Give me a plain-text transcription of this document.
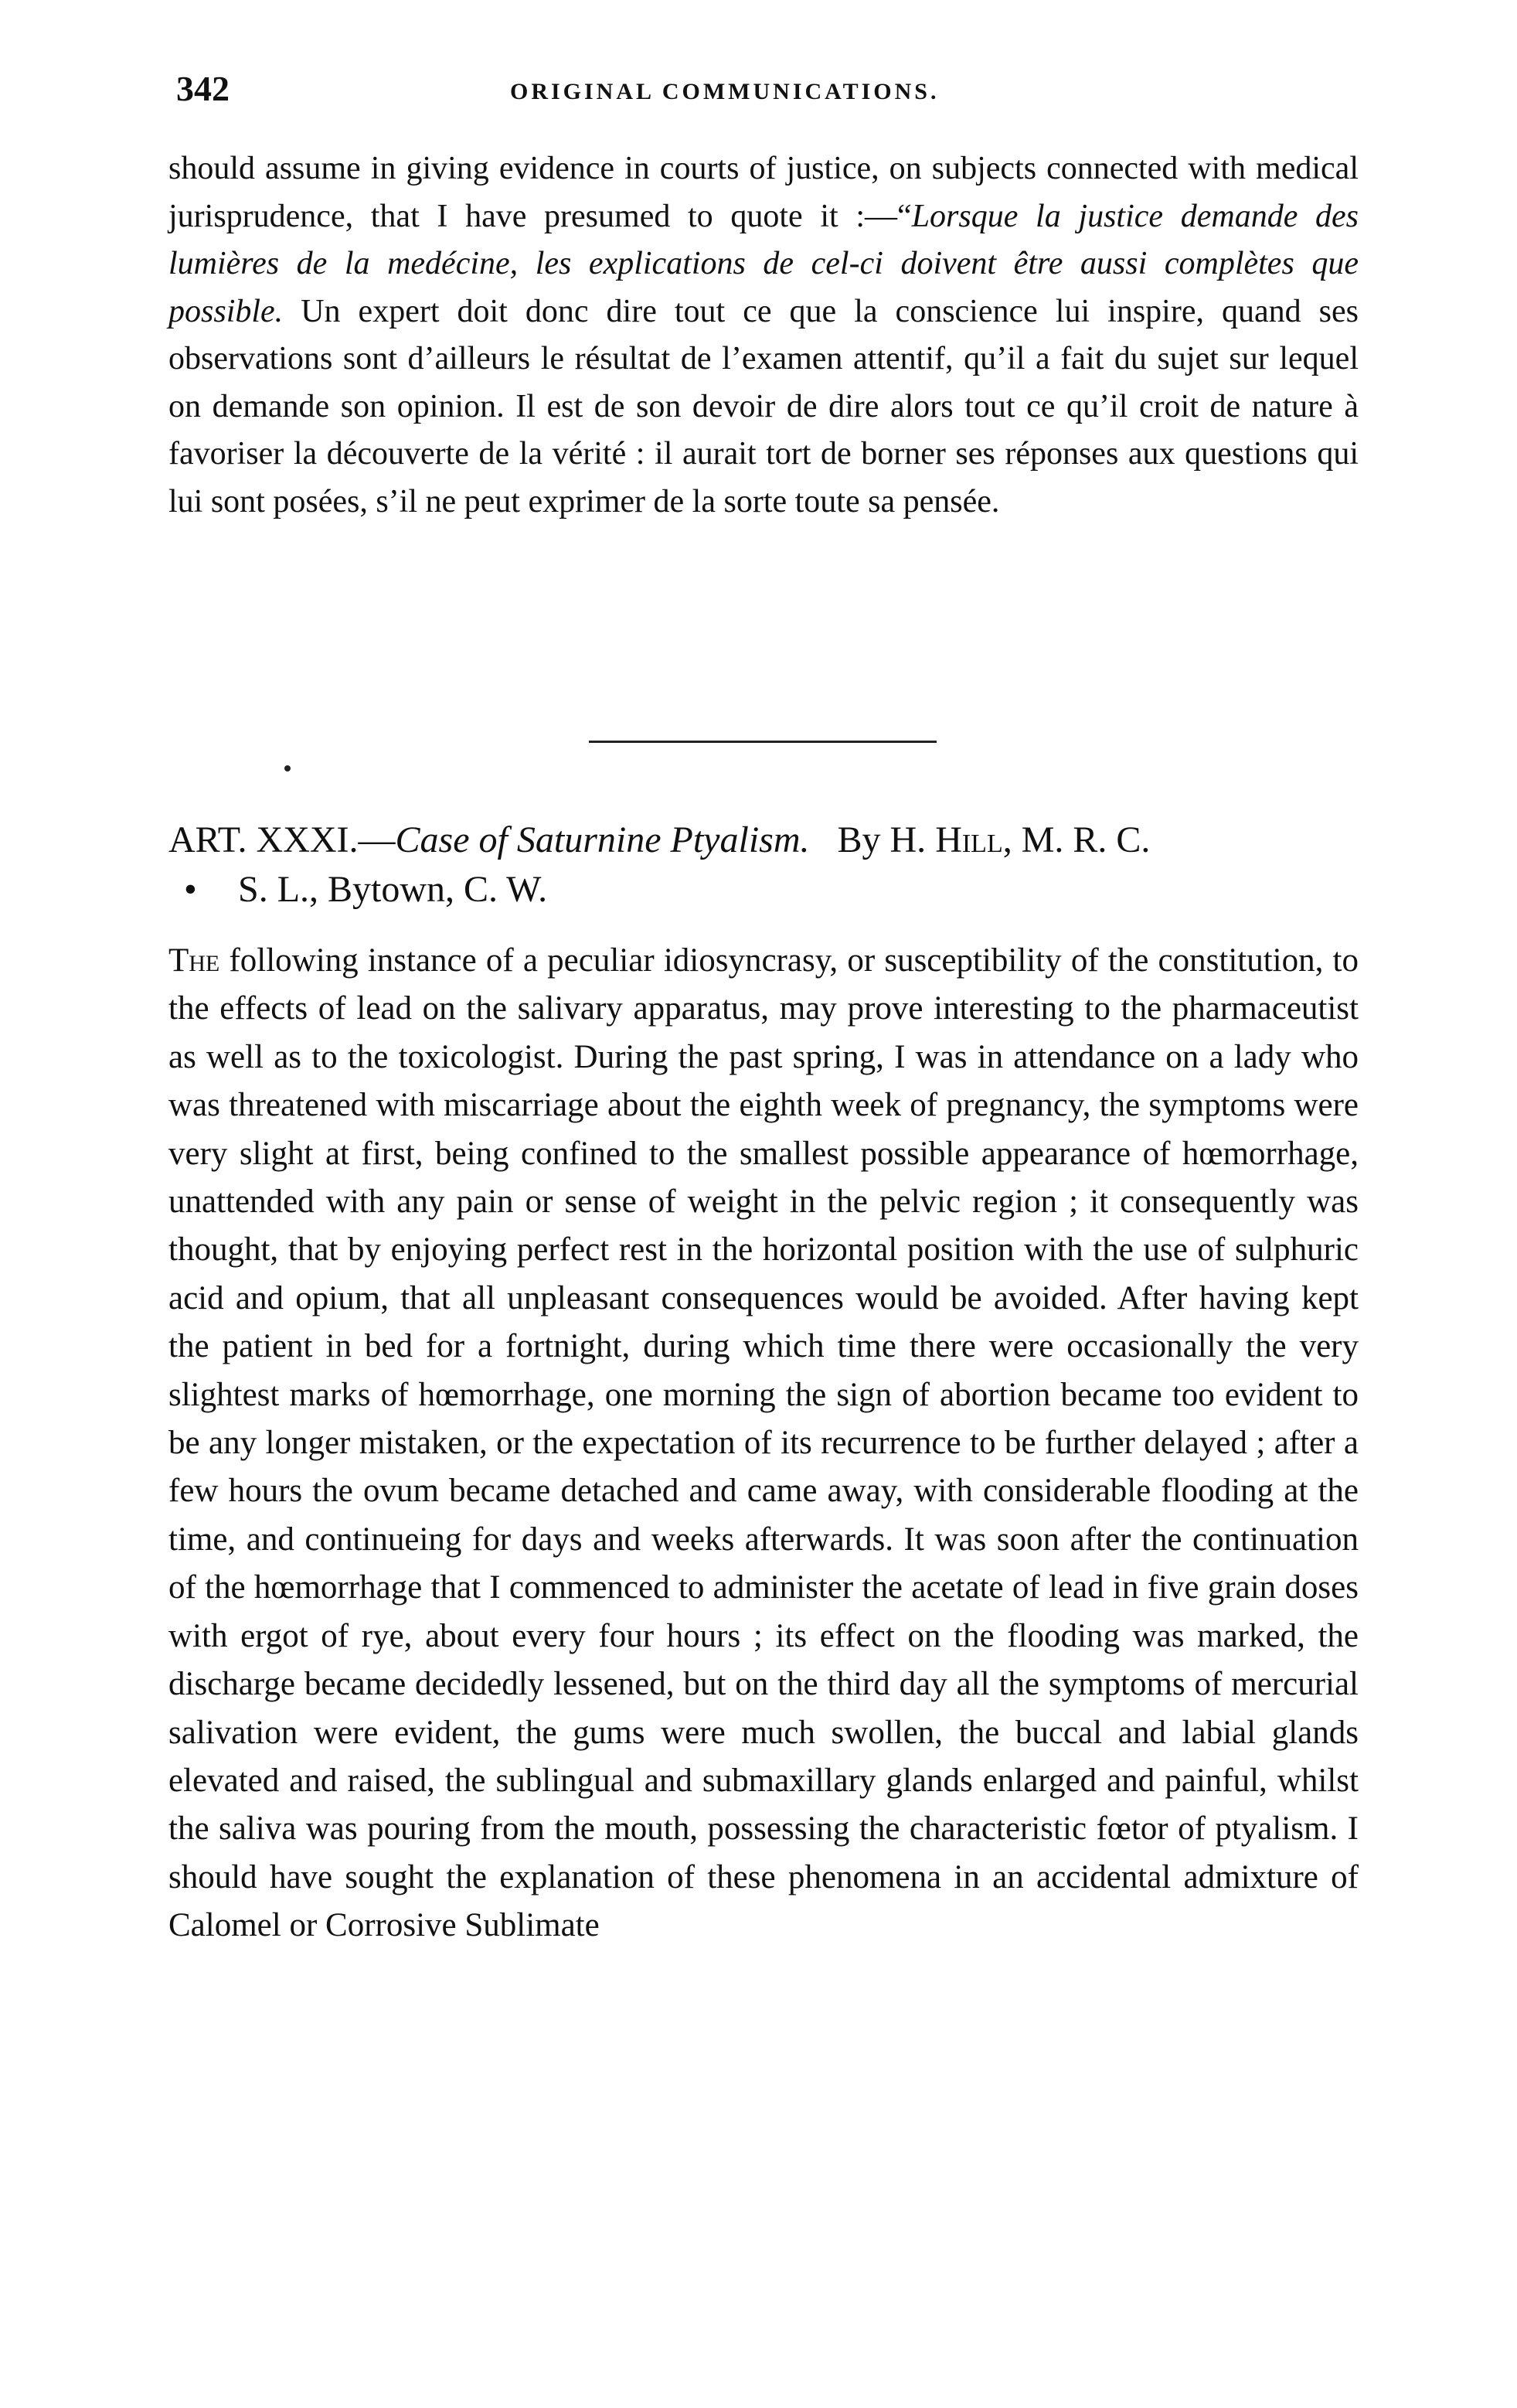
342	ORIGINAL COMMUNICATIONS.

should assume in giving evidence in courts of justice, on subjects connected with medical jurisprudence, that I have presumed to quote it :—“Lorsque la justice demande des lumières de la medécine, les explications de cel-ci doivent être aussi complètes que possible. Un expert doit donc dire tout ce que la conscience lui inspire, quand ses observations sont d’ailleurs le résultat de l’examen attentif, qu’il a fait du sujet sur lequel on demande son opinion. Il est de son devoir de dire alors tout ce qu’il croit de nature à favoriser la découverte de la vérité : il aurait tort de borner ses réponses aux questions qui lui sont posées, s’il ne peut exprimer de la sorte toute sa pensée.

ART. XXXI.—Case of Saturnine Ptyalism. By H. Hill, M. R. C.
• S. L., Bytown, C. W.

The following instance of a peculiar idiosyncrasy, or susceptibility of the constitution, to the effects of lead on the salivary apparatus, may prove interesting to the pharmaceutist as well as to the toxicologist. During the past spring, I was in attendance on a lady who was threatened with miscarriage about the eighth week of pregnancy, the symptoms were very slight at first, being confined to the smallest possible appearance of hœmorrhage, unattended with any pain or sense of weight in the pelvic region ; it consequently was thought, that by enjoying perfect rest in the horizontal position with the use of sulphuric acid and opium, that all unpleasant consequences would be avoided. After having kept the patient in bed for a fortnight, during which time there were occasionally the very slightest marks of hœmorrhage, one morning the sign of abortion became too evident to be any longer mistaken, or the expectation of its recurrence to be further delayed ; after a few hours the ovum became detached and came away, with considerable flooding at the time, and continueing for days and weeks afterwards. It was soon after the continuation of the hœmorrhage that I commenced to administer the acetate of lead in five grain doses with ergot of rye, about every four hours ; its effect on the flooding was marked, the discharge became decidedly lessened, but on the third day all the symptoms of mercurial salivation were evident, the gums were much swollen, the buccal and labial glands elevated and raised, the sublingual and submaxillary glands enlarged and painful, whilst the saliva was pouring from the mouth, possessing the characteristic fœtor of ptyalism. I should have sought the explanation of these phenomena in an accidental admixture of Calomel or Corrosive Sublimate
